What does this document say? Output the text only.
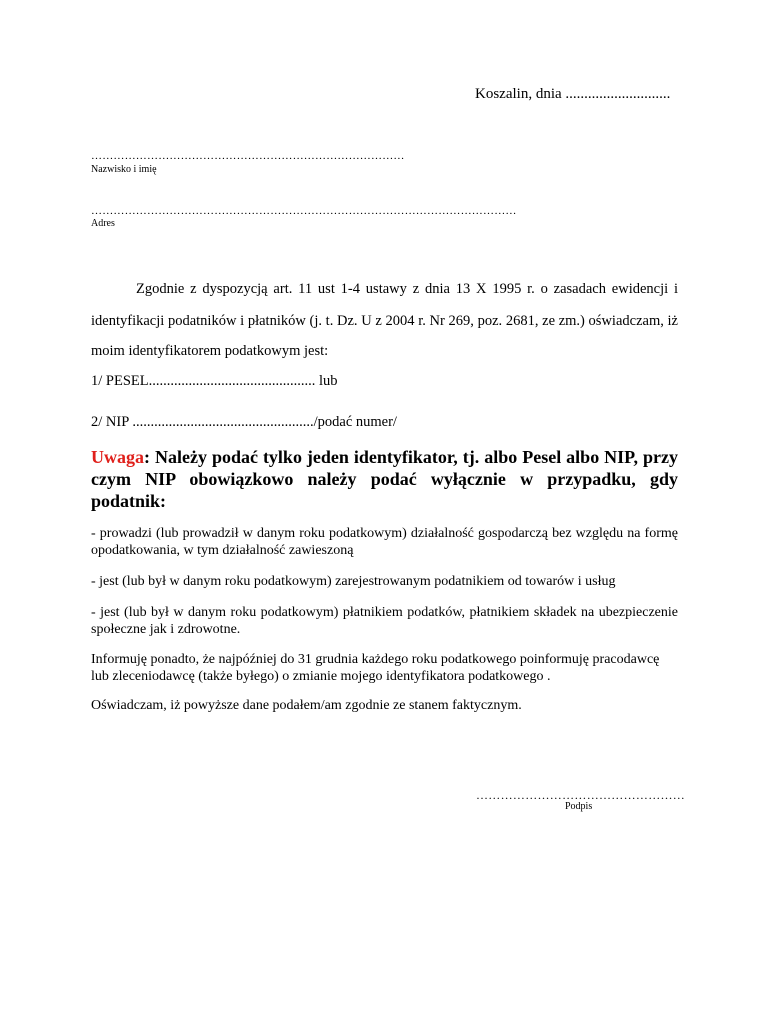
Koszalin, dnia ............................
…………………………………………………………………………
Nazwisko i imię
……………………………………………………………………………………………………
Adres
Zgodnie z dyspozycją art. 11 ust 1-4 ustawy z dnia 13 X 1995 r. o zasadach ewidencji i
identyfikacji podatników i płatników (j. t. Dz. U z 2004 r. Nr 269, poz. 2681, ze zm.) oświadczam, iż
moim identyfikatorem podatkowym jest:
1/ PESEL.............................................. lub
2/ NIP ................................................../podać numer/
Uwaga: Należy podać tylko jeden identyfikator, tj. albo Pesel albo NIP, przy czym NIP obowiązkowo należy podać wyłącznie w przypadku, gdy podatnik:
- prowadzi (lub prowadził w danym roku podatkowym) działalność gospodarczą bez względu na formę opodatkowania, w tym działalność zawieszoną
- jest (lub był w danym roku podatkowym) zarejestrowanym podatnikiem od towarów i usług
- jest (lub był w danym roku podatkowym) płatnikiem podatków, płatnikiem składek na ubezpieczenie społeczne jak i zdrowotne.
Informuję ponadto, że najpóźniej do 31 grudnia każdego roku podatkowego poinformuję pracodawcę lub zleceniodawcę (także byłego) o zmianie mojego identyfikatora podatkowego .
Oświadczam, iż powyższe dane podałem/am zgodnie ze stanem faktycznym.
……………………………………………
Podpis
